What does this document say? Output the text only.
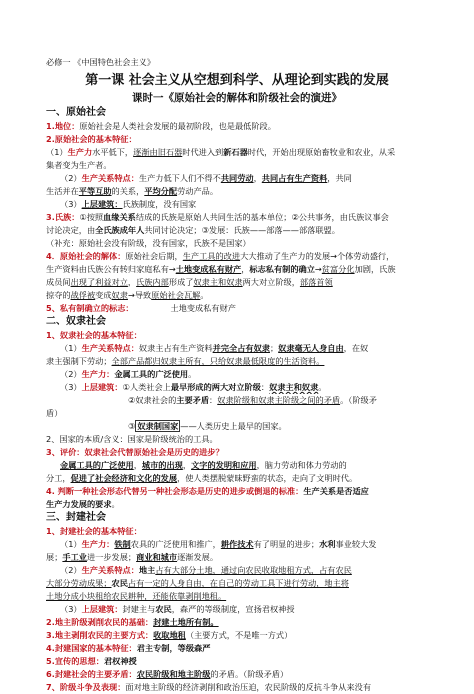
必修一 《中国特色社会主义》
第一课 社会主义从空想到科学、从理论到实践的发展
课时一《原始社会的解体和阶级社会的演进》
一、原始社会
1.地位：原始社会是人类社会发展的最初阶段，也是最低阶段。
2.原始社会的基本特征：
（1）生产力水平低下，逐渐由旧石器时代进入到新石器时代，开始出现原始畜牧业和农业，从采
集者变为生产者。
（2）生产关系特点：生产力低下人们不得不共同劳动，共同占有生产资料，共同
生活并在平等互助的关系，平均分配劳动产品。
（3）上层建筑：氏族制度，没有国家
3.氏族：①按照血缘关系结成的氏族是原始人共同生活的基本单位；②公共事务，由氏族议事会
讨论决定，由全氏族成年人共同讨论决定；③发展：氏族——部落——部落联盟。
（补充：原始社会没有阶级，没有国家，氏族不是国家）
4．原始社会的解体：原始社会后期，生产工具的改进大大推动了生产力的发展→个体劳动盛行，
生产资料由氏族公有转归家庭私有→土地变成私有财产，标志私有制的确立→贫富分化加剧，氏族
成员间出现了利益对立，氏族内部形成了奴隶主和奴隶两大对立阶级，部落首领
掠夺的战俘被变成奴隶→导致原始社会瓦解。
5、私有制确立的标志：　　　　　	土地变成私有财产
二、奴隶社会
1、奴隶社会的基本特征：
（1）生产关系特点：奴隶主占有生产资料并完全占有奴隶；奴隶毫无人身自由，在奴
隶主强制下劳动；全部产品都归奴隶主所有，只给奴隶最低限度的生活资料。
（2）生产力：金属工具的广泛使用。
（3）上层建筑：①人类社会上最早形成的两大对立阶级：奴隶主和奴隶。
②奴隶社会的主要矛盾：奴隶阶级和奴隶主阶级之间的矛盾。（阶级矛
盾）
③ 奴隶制国家 ——人类历史上最早的国家。
2、国家的本质/含义：国家是阶级统治的工具。
3、评价：奴隶社会代替原始社会是历史的进步？
金属工具的广泛使用，城市的出现，文字的发明和应用，脑力劳动和体力劳动的
分工，促进了社会经济和文化的发展，使人类摆脱蒙昧野蛮的状态，走向了文明时代。
4. 判断一种社会形态代替另一种社会形态是历史的进步或倒退的标准：生产关系是否适应
生产力发展的要求。
三、封建社会
1、封建社会的基本特征：
（1）生产力：铁制农具的广泛使用和推广，耕作技术有了明显的进步；水利事业较大发
展；手工业进一步发展；商业和城市逐渐发展。
（2）生产关系特点：地主占有大部分土地，通过向农民收取地租方式，占有农民
大部分劳动成果；农民占有一定的人身自由，在自己的劳动工具下进行劳动，地主将
土地分成小块租给农民耕种，还能依靠剥削地租。
（3）上层建筑：封建主与农民，森严的等级制度，宣扬君权神授
2.地主阶级剥削农民的基础：封建土地所有制。
3.地主剥削农民的主要方式：收取地租（主要方式，不是唯一方式）
4.封建国家的基本特征：君主专制，等级森严
5.宣传的思想：君权神授
6.封建社会的主要矛盾：农民阶级和地主阶级的矛盾。（阶级矛盾）
7、阶级斗争及表现：面对地主阶级的经济剥削和政治压迫，农民阶级的反抗斗争从来没有
